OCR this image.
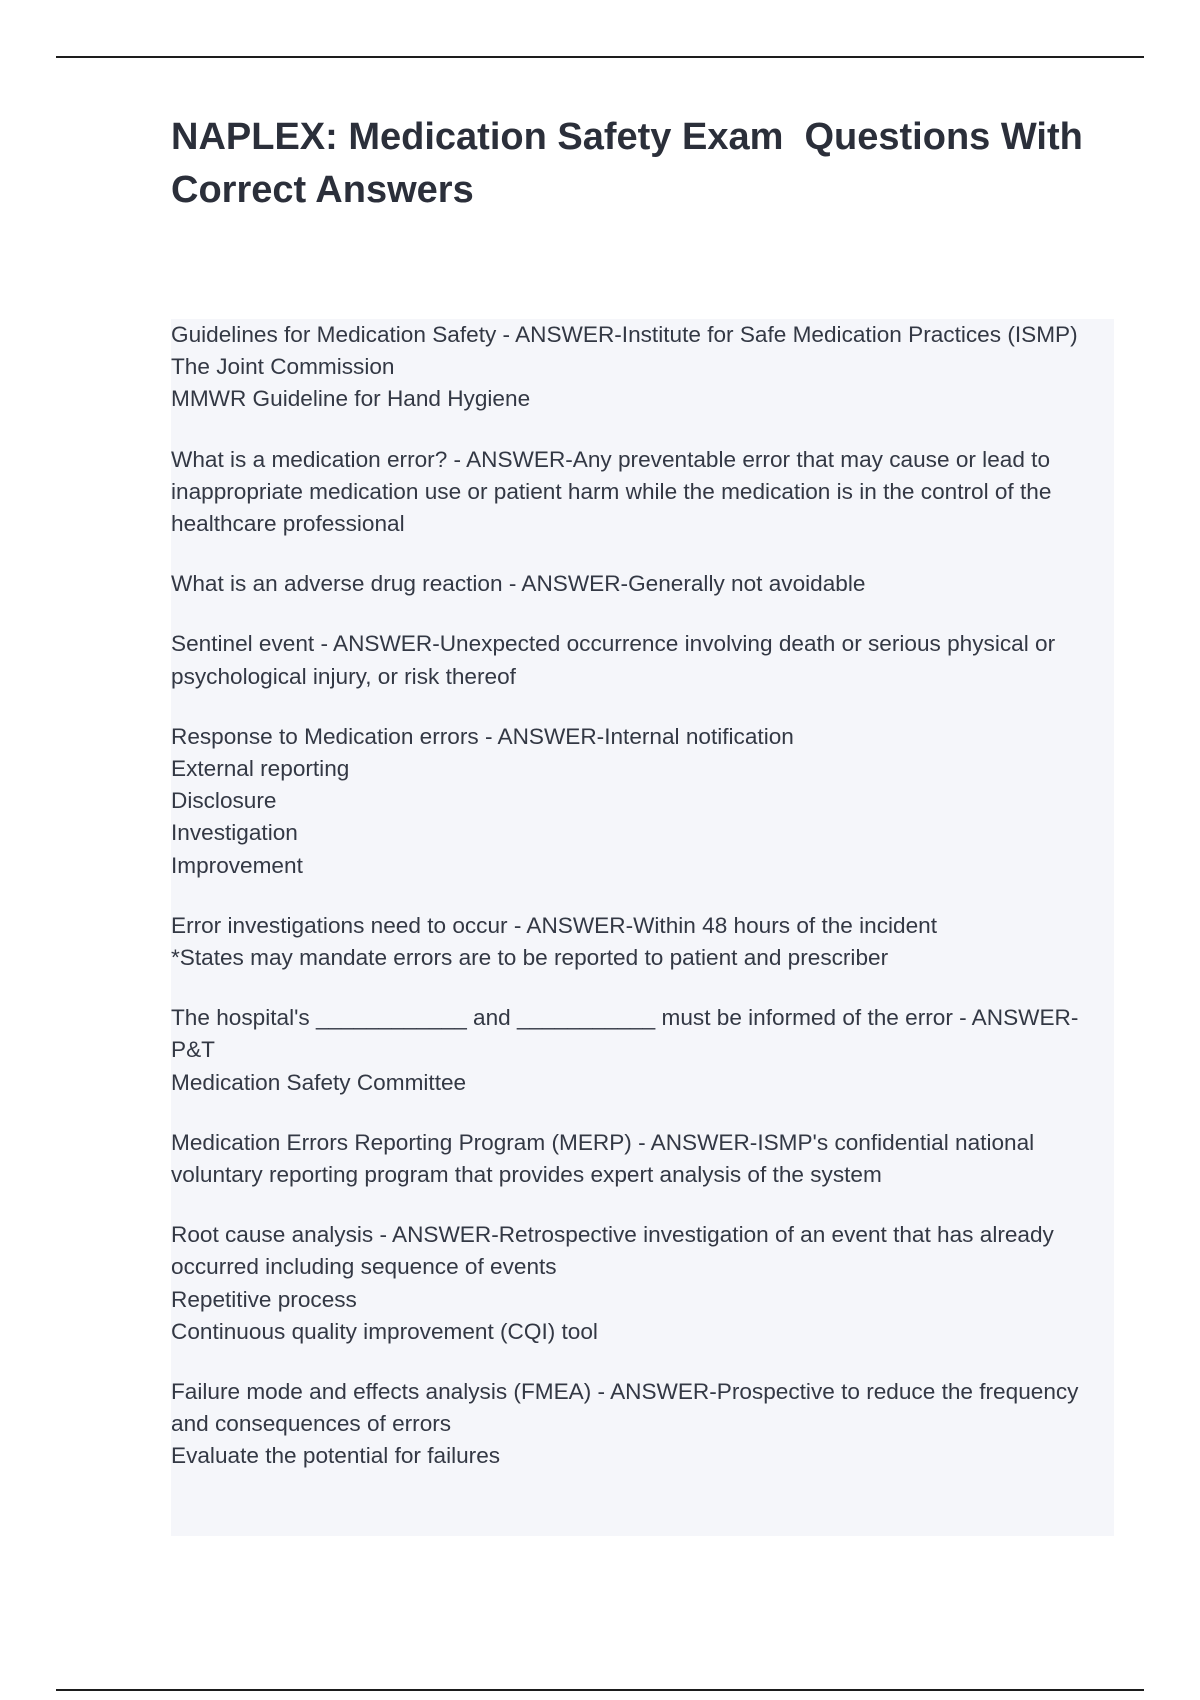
NAPLEX: Medication Safety Exam  Questions With Correct Answers

Guidelines for Medication Safety - ANSWER-Institute for Safe Medication Practices (ISMP)
The Joint Commission
MMWR Guideline for Hand Hygiene

What is a medication error? - ANSWER-Any preventable error that may cause or lead to inappropriate medication use or patient harm while the medication is in the control of the healthcare professional

What is an adverse drug reaction - ANSWER-Generally not avoidable

Sentinel event - ANSWER-Unexpected occurrence involving death or serious physical or psychological injury, or risk thereof

Response to Medication errors - ANSWER-Internal notification
External reporting
Disclosure
Investigation
Improvement

Error investigations need to occur - ANSWER-Within 48 hours of the incident
*States may mandate errors are to be reported to patient and prescriber

The hospital's ____________ and ___________ must be informed of the error - ANSWER-P&T
Medication Safety Committee

Medication Errors Reporting Program (MERP) - ANSWER-ISMP's confidential national voluntary reporting program that provides expert analysis of the system

Root cause analysis - ANSWER-Retrospective investigation of an event that has already occurred including sequence of events
Repetitive process
Continuous quality improvement (CQI) tool

Failure mode and effects analysis (FMEA) - ANSWER-Prospective to reduce the frequency and consequences of errors
Evaluate the potential for failures
